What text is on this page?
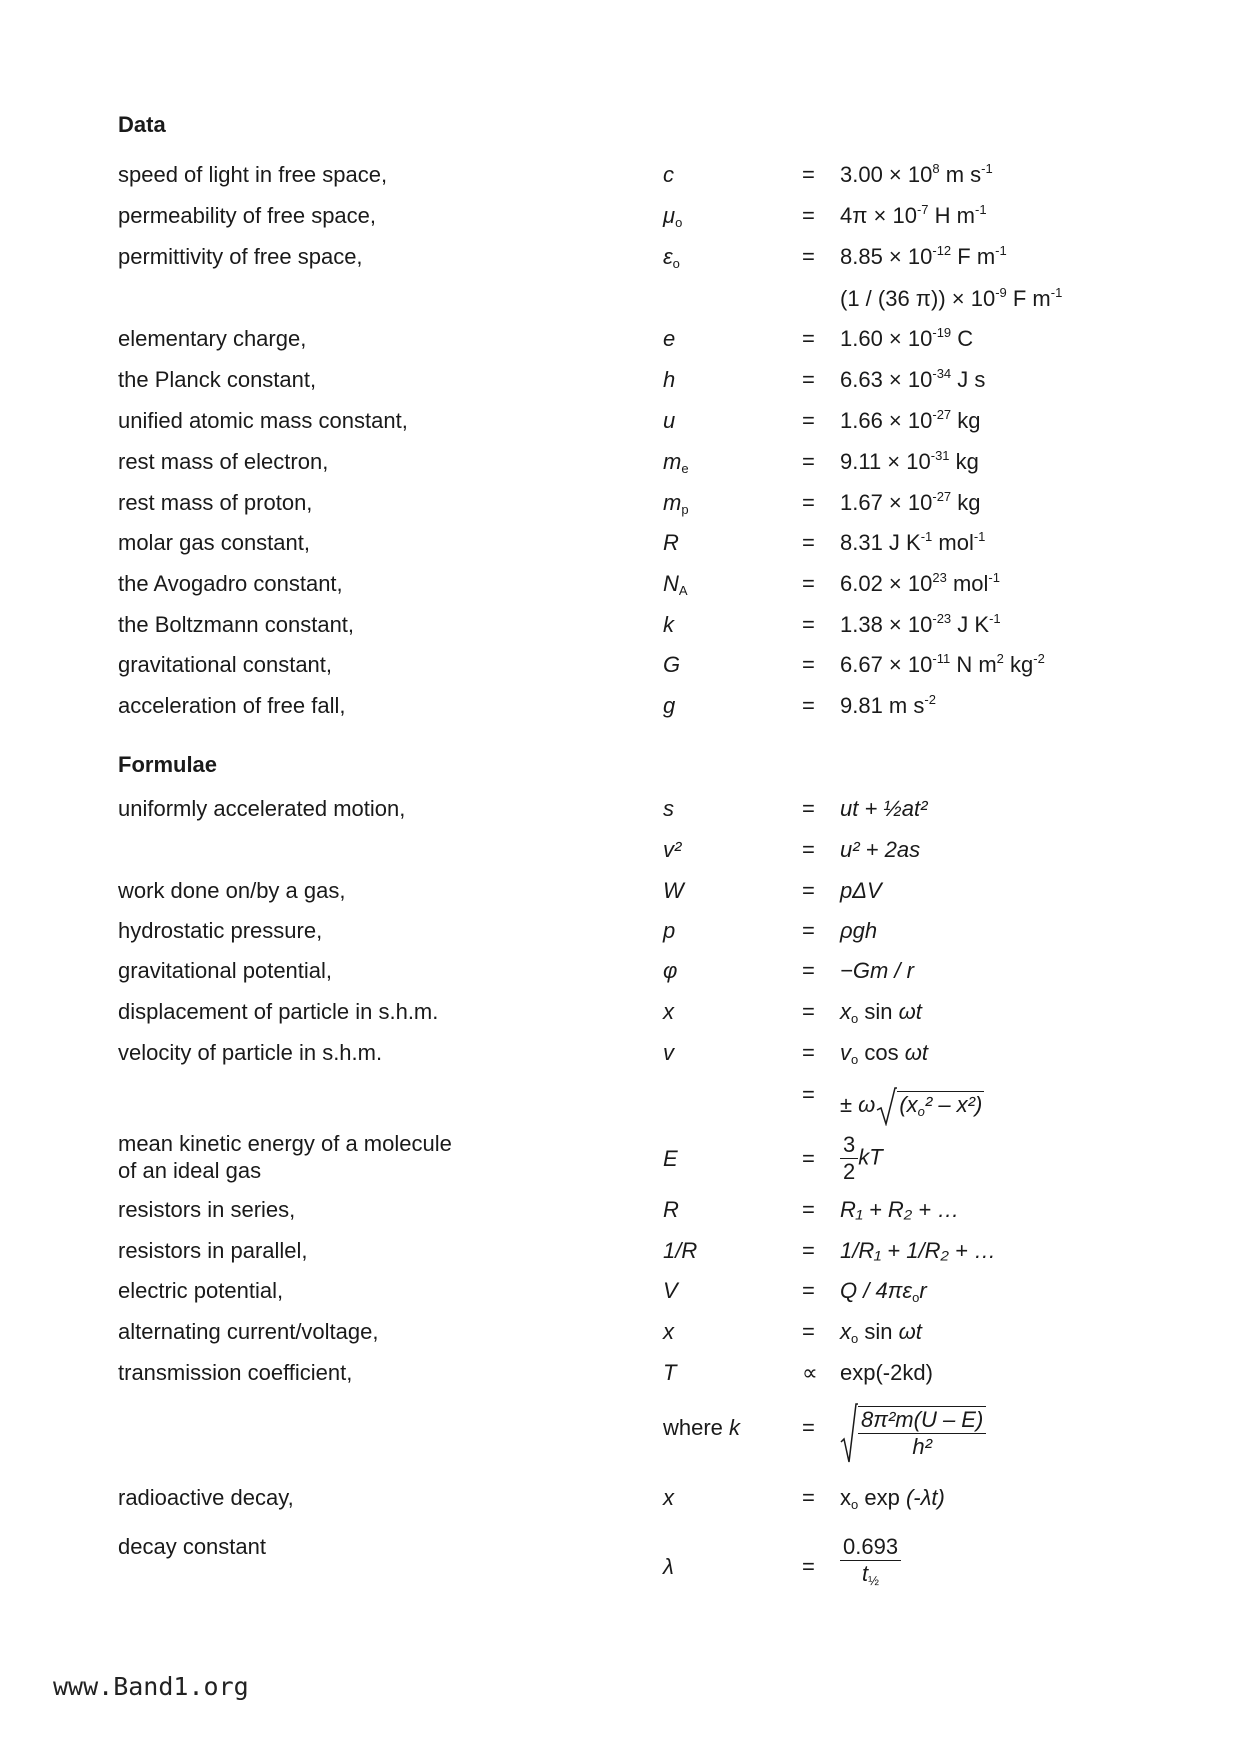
Data
speed of light in free space,	c	= $3.00 \times 10^8$ m $s^{-1}$
permeability of free space,	$\mu_o$	= $4\pi \times 10^{-7}$ H $m^{-1}$
permittivity of free space,	$\varepsilon_o$	= $8.85 \times 10^{-12}$ F $m^{-1}$
(1 / (36 $\pi)) \times 10^{-9}$ F $m^{-1}$
elementary charge,	e	= $1.60 \times 10^{-19}$ C
the Planck constant,	h	= $6.63 \times 10^{-34}$ J s
unified atomic mass constant,	u	= $1.66 \times 10^{-27}$ kg
rest mass of electron,	$m_e$	= $9.11 \times 10^{-31}$ kg
rest mass of proton,	$m_p$	= $1.67 \times 10^{-27}$ kg
molar gas constant,	R	= 8.31 J $K^{-1}$ mol$^{-1}$
the Avogadro constant,	$N_A$	= $6.02 \times 10^{23}$ mol$^{-1}$
the Boltzmann constant,	k	= $1.38 \times 10^{-23}$ J $K^{-1}$
gravitational constant,	G	= $6.67 \times 10^{-11}$ N $m^2$ $kg^{-2}$
acceleration of free fall,	g	= 9.81 m $s^{-2}$
Formulae
uniformly accelerated motion,	s	= ut + ½at²
v²	= u² + 2as
work done on/by a gas,	W	= pΔV
hydrostatic pressure,	p	= ρgh
gravitational potential,	φ	= −Gm / r
displacement of particle in s.h.m.	x	= $x_o$ sin ωt
velocity of particle in s.h.m.	v	= $v_o$ cos ωt
= ± ω $(x_o^2 - x^2)$
mean kinetic energy of a molecule
of an ideal gas	E	= $\frac{3}{2}$ kT
resistors in series,	R	= R₁ + R₂ + …
resistors in parallel,	1/R	= 1/R₁ + 1/R₂ + …
electric potential,	V	= Q / $4\pi\varepsilon_or$
alternating current/voltage,	x	= $x_o$ sin ωt
transmission coefficient,	T	∝ exp(-2kd)
where k	= $\frac{\text{8π²m(U – E)}}{\text{h²}}$
radioactive decay,	x	= $x_o$ exp (-λt)
decay constant
λ	= $\frac{0.693}{t_{\frac{1}{2}}}$
www.Band1.org
